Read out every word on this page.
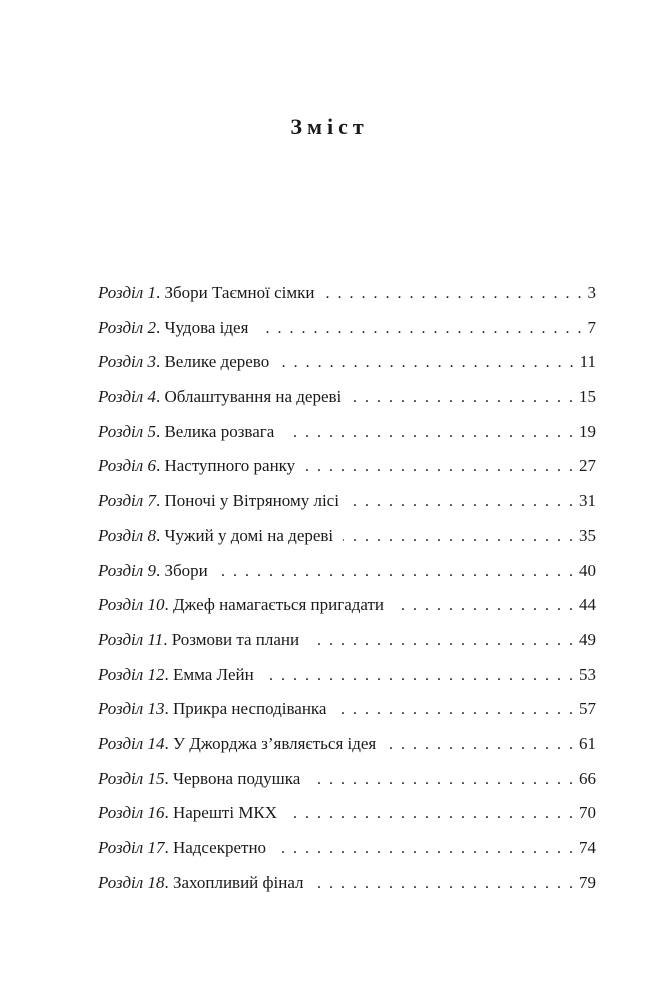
Зміст
Розділ 1 . Збори Таємної сімки . . .	3
Розділ 2 . Чудова ідея . . .	7
Розділ 3 . Велике дерево . . .	11
Розділ 4 . Облаштування на дереві . . .	15
Розділ 5 . Велика розвага . . .	19
Розділ 6 . Наступного ранку . . .	27
Розділ 7 . Поночі у Вітряному лісі . . .	31
Розділ 8 . Чужий у домі на дереві . . .	35
Розділ 9 . Збори . . .	40
Розділ 10 . Джеф намагається пригадати . . .	44
Розділ 11 . Розмови та плани . . .	49
Розділ 12 . Емма Лейн . . .	53
Розділ 13 . Прикра несподіванка . . .	57
Розділ 14 . У Джорджа з’являється ідея . . .	61
Розділ 15 . Червона подушка . . .	66
Розділ 16 . Нарешті МКХ . . .	70
Розділ 17 . Надсекретно . . .	74
Розділ 18 . Захопливий фінал . . .	79
